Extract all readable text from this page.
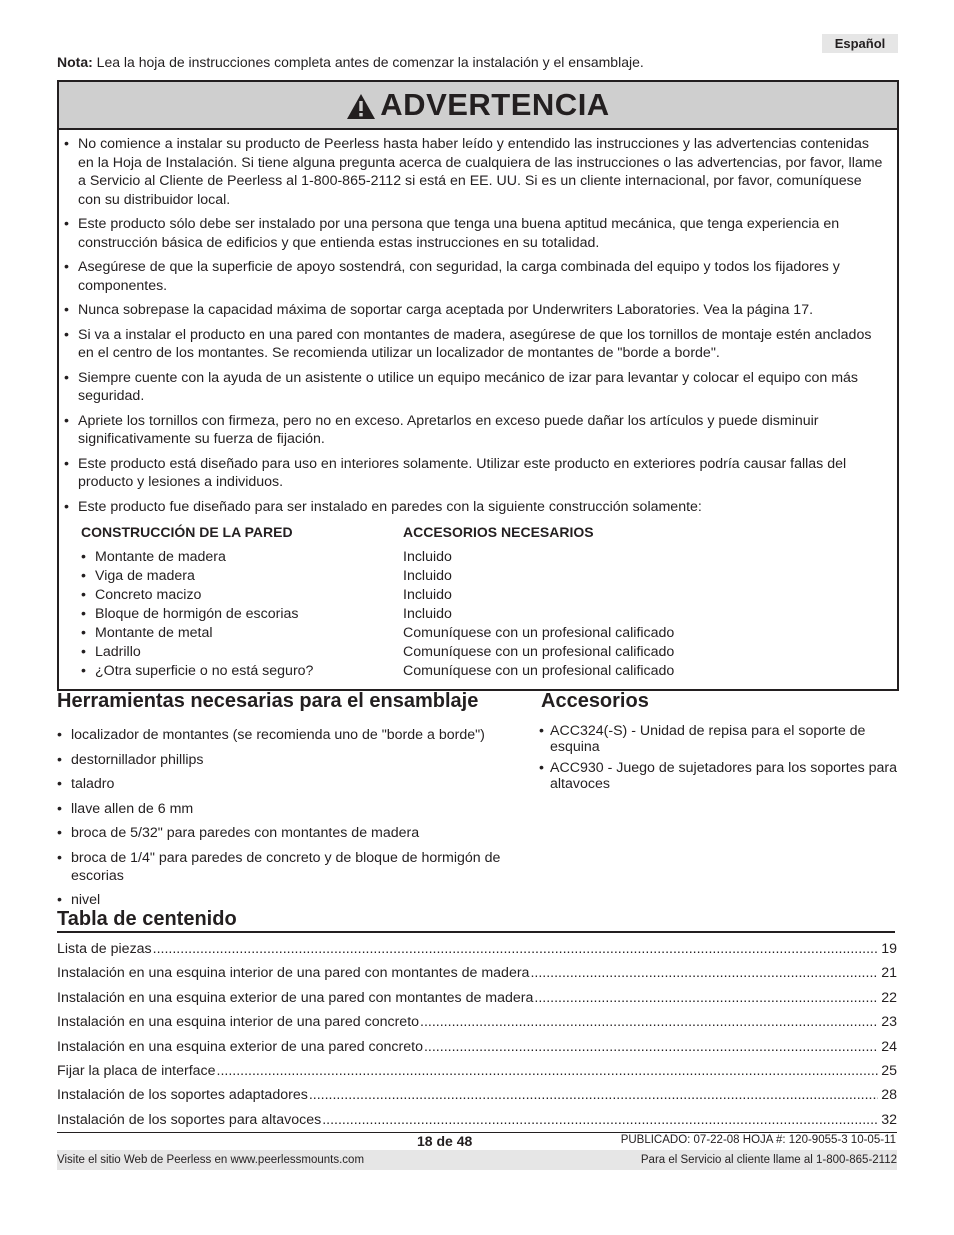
Español
Nota: Lea la hoja de instrucciones completa antes de comenzar la instalación y el ensamblaje.
ADVERTENCIA
• No comience a instalar su producto de Peerless hasta haber leído y entendido las instrucciones y las advertencias contenidas en la Hoja de Instalación. Si tiene alguna pregunta acerca de cualquiera de las instrucciones o las advertencias, por favor, llame a Servicio al Cliente de Peerless al 1-800-865-2112 si está en EE. UU. Si es un cliente internacional, por favor, comuníquese con su distribuidor local.
• Este producto sólo debe ser instalado por una persona que tenga una buena aptitud mecánica, que tenga experiencia en construcción básica de edificios y que entienda estas instrucciones en su totalidad.
• Asegúrese de que la superficie de apoyo sostendrá, con seguridad, la carga combinada del equipo y todos los fijadores y componentes.
• Nunca sobrepase la capacidad máxima de soportar carga aceptada por Underwriters Laboratories. Vea la página 17.
• Si va a instalar el producto en una pared con montantes de madera, asegúrese de que los tornillos de montaje estén anclados en el centro de los montantes. Se recomienda utilizar un localizador de montantes de "borde a borde".
• Siempre cuente con la ayuda de un asistente o utilice un equipo mecánico de izar para levantar y colocar el equipo con más seguridad.
• Apriete los tornillos con firmeza, pero no en exceso. Apretarlos en exceso puede dañar los artículos y puede disminuir significativamente su fuerza de fijación.
• Este producto está diseñado para uso en interiores solamente. Utilizar este producto en exteriores podría causar fallas del producto y lesiones a individuos.
• Este producto fue diseñado para ser instalado en paredes con la siguiente construcción solamente:
CONSTRUCCIÓN DE LA PARED	ACCESORIOS NECESARIOS
• Montante de madera	Incluido
• Viga de madera	Incluido
• Concreto macizo	Incluido
• Bloque de hormigón de escorias	Incluido
• Montante de metal	Comuníquese con un profesional calificado
• Ladrillo	Comuníquese con un profesional calificado
• ¿Otra superficie o no está seguro?	Comuníquese con un profesional calificado
Herramientas necesarias para el ensamblaje	Accesorios
• localizador de montantes (se recomienda uno de "borde a borde")
• destornillador phillips
• taladro
• llave allen de 6 mm
• broca de 5/32" para paredes con montantes de madera
• broca de 1/4" para paredes de concreto y de bloque de hormigón de escorias
• nivel
• ACC324(-S) - Unidad de repisa para el soporte de esquina
• ACC930 - Juego de sujetadores para los soportes para altavoces
Tabla de centenido
Lista de piezas .....	19
Instalación en una esquina interior de una pared con montantes de madera .....	21
Instalación en una esquina exterior de una pared con montantes de madera .....	22
Instalación en una esquina interior de una pared concreto .....	23
Instalación en una esquina exterior de una pared concreto .....	24
Fijar la placa de interface .....	25
Instalación de los soportes adaptadores .....	28
Instalación de los soportes para altavoces .....	32
18 de 48	PUBLICADO: 07-22-08 HOJA #: 120-9055-3 10-05-11
Visite el sitio Web de Peerless en www.peerlessmounts.com	Para el Servicio al cliente llame al 1-800-865-2112
